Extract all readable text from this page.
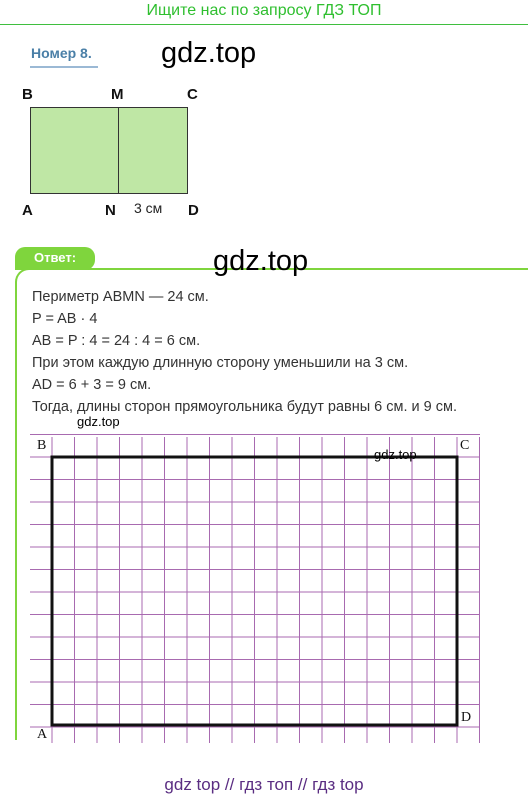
Ищите нас по запросу ГДЗ ТОП
Номер 8. gdz.top
B	M	C
A	N 3 см D
Ответ:	gdz.top
Периметр ABMN — 24 см.
P = AB · 4
AB = P : 4 = 24 : 4 = 6 см.
При этом каждую длинную сторону уменьшили на 3 см.
AD = 6 + 3 = 9 см.
Тогда, длины сторон прямоугольника будут равны 6 см. и 9 см.
gdz.top
B	C
A
D
gdz.top
gdz top // гдз топ // гдз top
